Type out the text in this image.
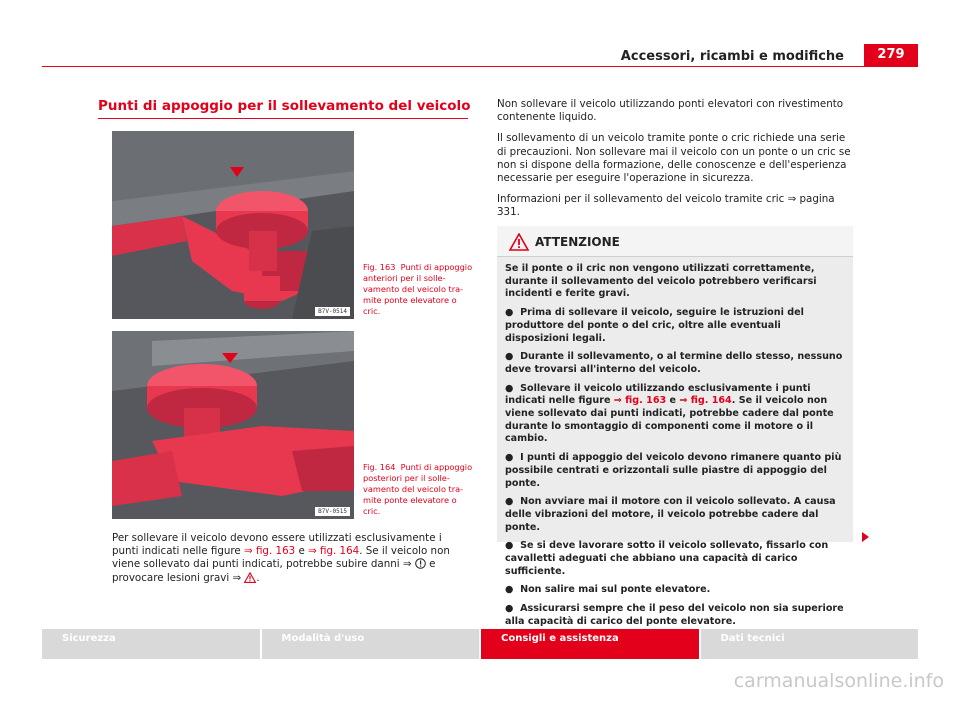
Accessori, ricambi e modifiche	279
Punti di appoggio per il sollevamento del veicolo
B7V-0514
Fig. 163 Punti di appoggio anteriori per il sollevamento del veicolo tramite ponte elevatore o cric.
B7V-0515
Fig. 164 Punti di appoggio posteriori per il sollevamento del veicolo tramite ponte elevatore o cric.

Per sollevare il veicolo devono essere utilizzati esclusivamente i punti indicati nelle figure ⇒ fig. 163 e ⇒ fig. 164. Se il veicolo non viene sollevato dai punti indicati, potrebbe subire danni ⇒  e provocare lesioni gravi ⇒ .

Non sollevare il veicolo utilizzando ponti elevatori con rivestimento contenente liquido.

Il sollevamento di un veicolo tramite ponte o cric richiede una serie di precauzioni. Non sollevare mai il veicolo con un ponte o un cric se non si dispone della formazione, delle conoscenze e dell'esperienza necessarie per eseguire l'operazione in sicurezza.

Informazioni per il sollevamento del veicolo tramite cric ⇒ pagina 331.

ATTENZIONE
Se il ponte o il cric non vengono utilizzati correttamente, durante il sollevamento del veicolo potrebbero verificarsi incidenti e ferite gravi.
● Prima di sollevare il veicolo, seguire le istruzioni del produttore del ponte o del cric, oltre alle eventuali disposizioni legali.
● Durante il sollevamento, o al termine dello stesso, nessuno deve trovarsi all'interno del veicolo.
● Sollevare il veicolo utilizzando esclusivamente i punti indicati nelle figure ⇒ fig. 163 e ⇒ fig. 164. Se il veicolo non viene sollevato dai punti indicati, potrebbe cadere dal ponte durante lo smontaggio di componenti come il motore o il cambio.
● I punti di appoggio del veicolo devono rimanere quanto più possibile centrati e orizzontali sulle piastre di appoggio del ponte.
● Non avviare mai il motore con il veicolo sollevato. A causa delle vibrazioni del motore, il veicolo potrebbe cadere dal ponte.
● Se si deve lavorare sotto il veicolo sollevato, fissarlo con cavalletti adeguati che abbiano una capacità di carico sufficiente.
● Non salire mai sul ponte elevatore.
● Assicurarsi sempre che il peso del veicolo non sia superiore alla capacità di carico del ponte elevatore.
Sicurezza	Modalità d'uso	Consigli e assistenza	Dati tecnici
carmanualsonline.info
